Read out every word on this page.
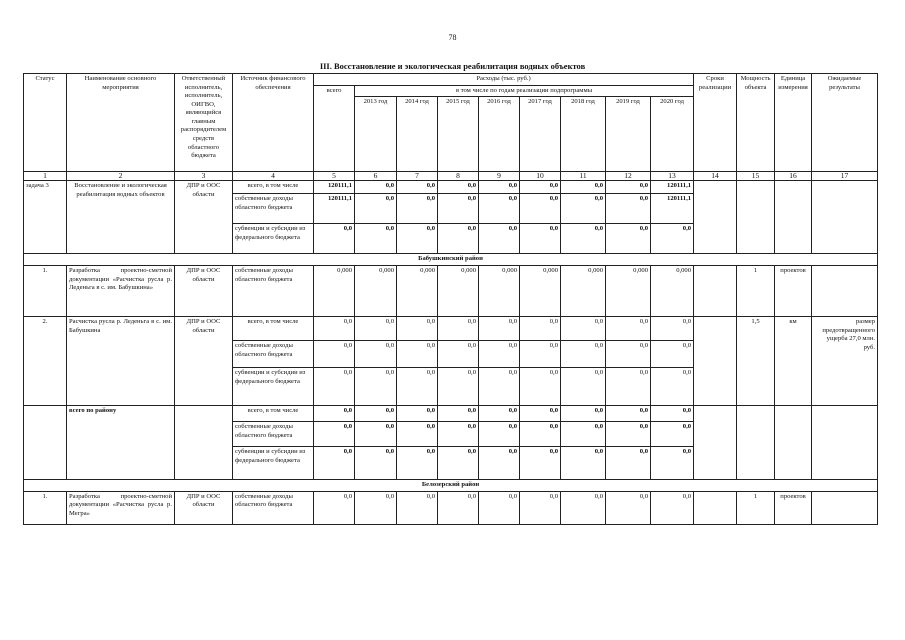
78
III. Восстановление и экологическая реабилитация водных объектов
Статус	Наименование основного мероприятия	Ответственный исполнитель, исполнитель, ОИГВО, являющийся главным распорядителем средств областного бюджета	Источник финансового обеспечения	Расходы (тыс. руб.)									Сроки реализации	Мощность объекта	Единица измерения	Ожидаемые результаты
				всего	в том числе по годам реализации подпрограммы											
					2013 год	2014 год	2015 год	2016 год	2017 год	2018 год	2019 год	2020 год				
1	2	3	4	5	6	7	8	9	10	11	12	13	14	15	16	17
задача 3	Восстановление и экологическая реабилитация водных объектов	ДПР и ООС области	всего, в том числе	120111,1	0,0	0,0	0,0	0,0	0,0	0,0	0,0	120111,1				
			собственные доходы областного бюджета	120111,1	0,0	0,0	0,0	0,0	0,0	0,0	0,0	120111,1				
			субвенции и субсидии из федерального бюджета	0,0	0,0	0,0	0,0	0,0	0,0	0,0	0,0	0,0				
Бабушкинский район																
1.	Разработка проектно-сметной документации «Расчистка русла р. Леденьга в с. им. Бабушкина»	ДПР и ООС области	собственные доходы областного бюджета	0,000	0,000	0,000	0,000	0,000	0,000	0,000	0,000	0,000		1	проектов	
2.	Расчистка русла р. Леденьга в с. им. Бабушкина	ДПР и ООС области	всего, в том числе	0,0	0,0	0,0	0,0	0,0	0,0	0,0	0,0	0,0		1,5	км	размер предотвращенного ущерба 27,0 млн. руб.
			собственные доходы областного бюджета	0,0	0,0	0,0	0,0	0,0	0,0	0,0	0,0	0,0				
			субвенции и субсидии из федерального бюджета	0,0	0,0	0,0	0,0	0,0	0,0	0,0	0,0	0,0				
	всего по району		всего, в том числе	0,0	0,0	0,0	0,0	0,0	0,0	0,0	0,0	0,0				
			собственные доходы областного бюджета	0,0	0,0	0,0	0,0	0,0	0,0	0,0	0,0	0,0				
			субвенции и субсидии из федерального бюджета	0,0	0,0	0,0	0,0	0,0	0,0	0,0	0,0	0,0				
Белозерский район																
1.	Разработка проектно-сметной документации «Расчистка русла р. Мегра»	ДПР и ООС области	собственные доходы областного бюджета	0,0	0,0	0,0	0,0	0,0	0,0	0,0	0,0	0,0		1	проектов	
